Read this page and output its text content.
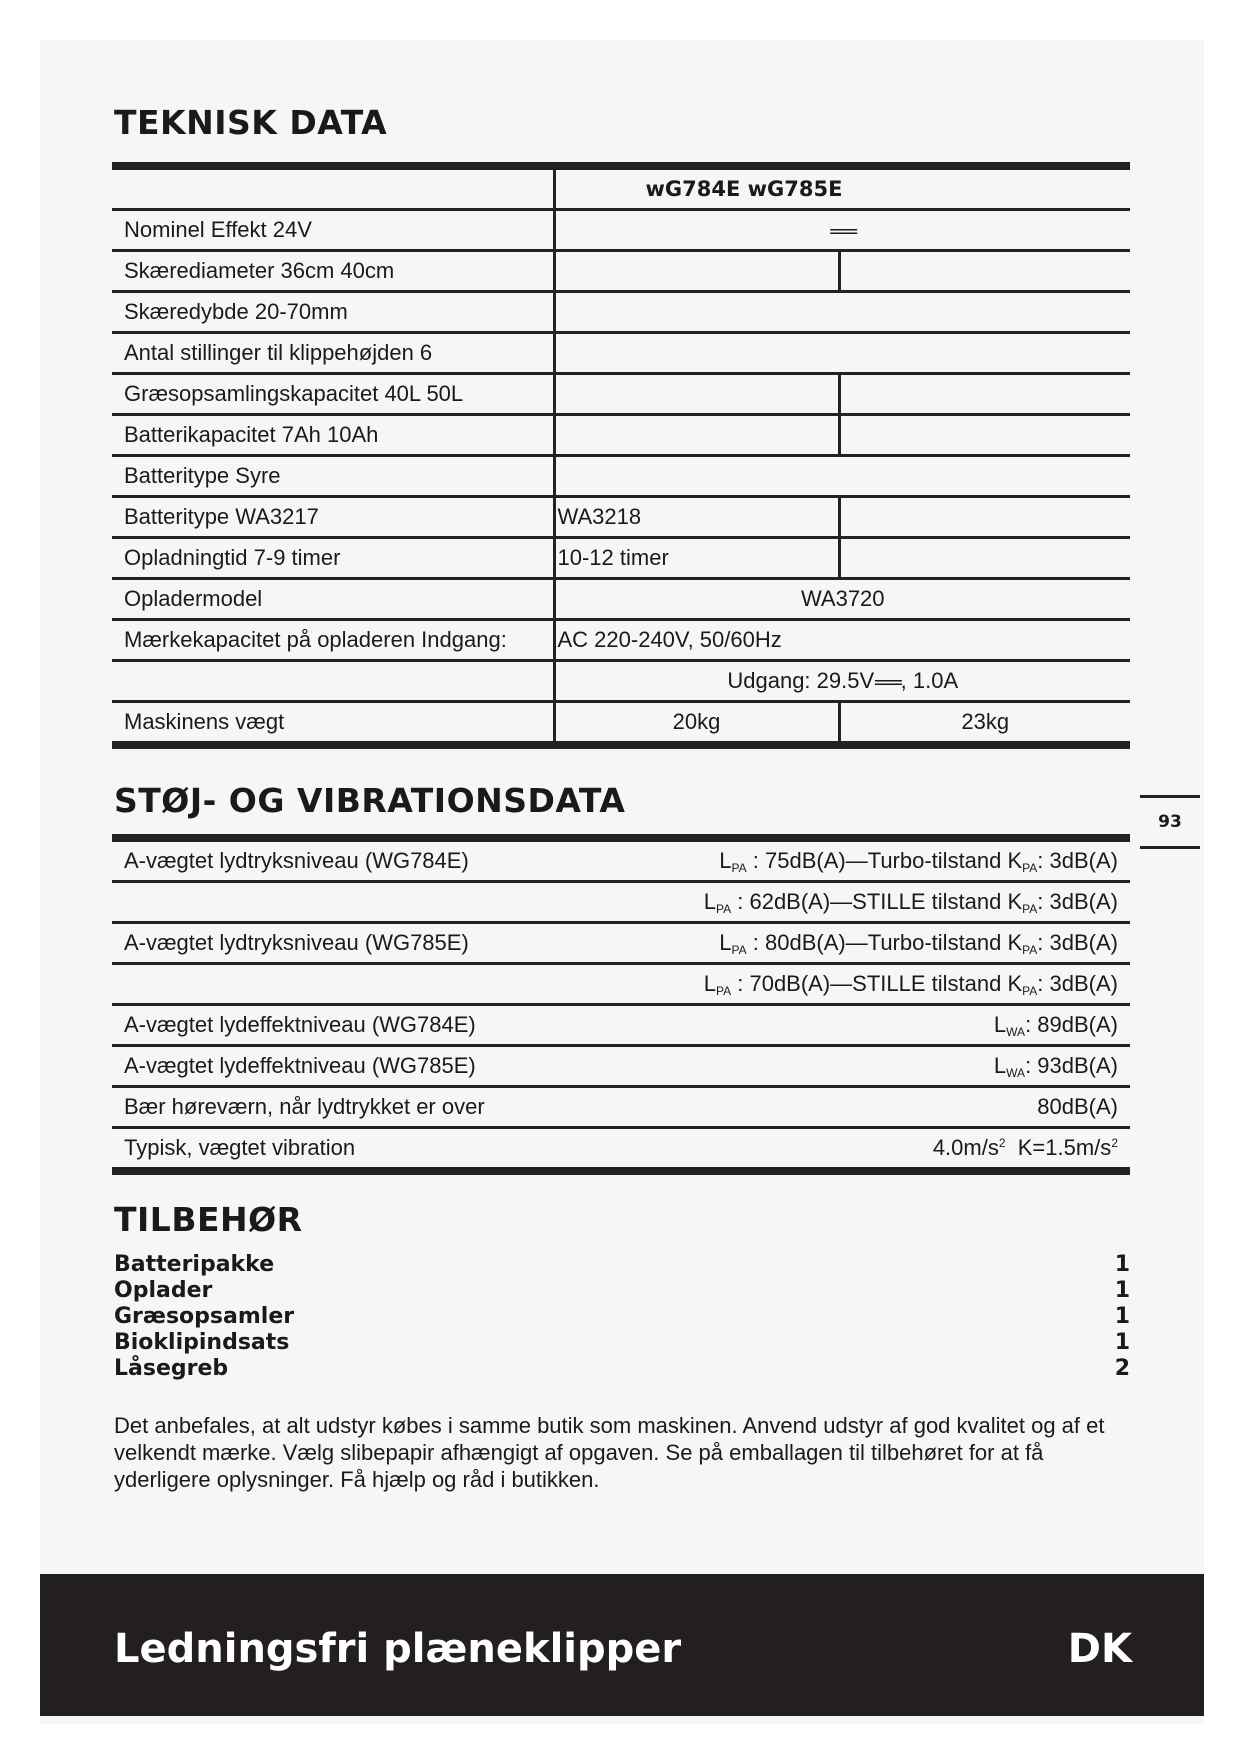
TEKNISK DATA
	wG784E wG785E	
Nominel Effekt 24V	===	
Skærediameter 36cm 40cm		
Skæredybde 20-70mm		
Antal stillinger til klippehøjden 6		
Græsopsamlingskapacitet 40L 50L		
Batterikapacitet 7Ah 10Ah		
Batteritype Syre		
Batteritype WA3217	WA3218	
Opladningtid 7-9 timer	10-12 timer	
Opladermodel	WA3720	
Mærkekapacitet på opladeren Indgang:	AC 220-240V, 50/60Hz	
	Udgang: 29.5V===, 1.0A	
Maskinens vægt	20kg	23kg
STØJ- OG VIBRATIONSDATA
93
A-vægtet lydtryksniveau (WG784E)	LPA : 75dB(A)—Turbo-tilstand KPA: 3dB(A)
	LPA : 62dB(A)—STILLE tilstand KPA: 3dB(A)
A-vægtet lydtryksniveau (WG785E)	LPA : 80dB(A)—Turbo-tilstand KPA: 3dB(A)
	LPA : 70dB(A)—STILLE tilstand KPA: 3dB(A)
A-vægtet lydeffektniveau (WG784E)	LWA: 89dB(A)
A-vægtet lydeffektniveau (WG785E)	LWA: 93dB(A)
Bær høreværn, når lydtrykket er over	80dB(A)
Typisk, vægtet vibration	$4.0m/s^2$  $K=1.5m/s^2$
TILBEHØR
Batteripakke	1
Oplader	1
Græsopsamler	1
Bioklipindsats	1
Låsegreb	2

Det anbefales, at alt udstyr købes i samme butik som maskinen. Anvend udstyr af god kvalitet og af et velkendt mærke. Vælg slibepapir afhængigt af opgaven. Se på emballagen til tilbehøret for at få yderligere oplysninger. Få hjælp og råd i butikken.

Ledningsfri plæneklipper	DK
